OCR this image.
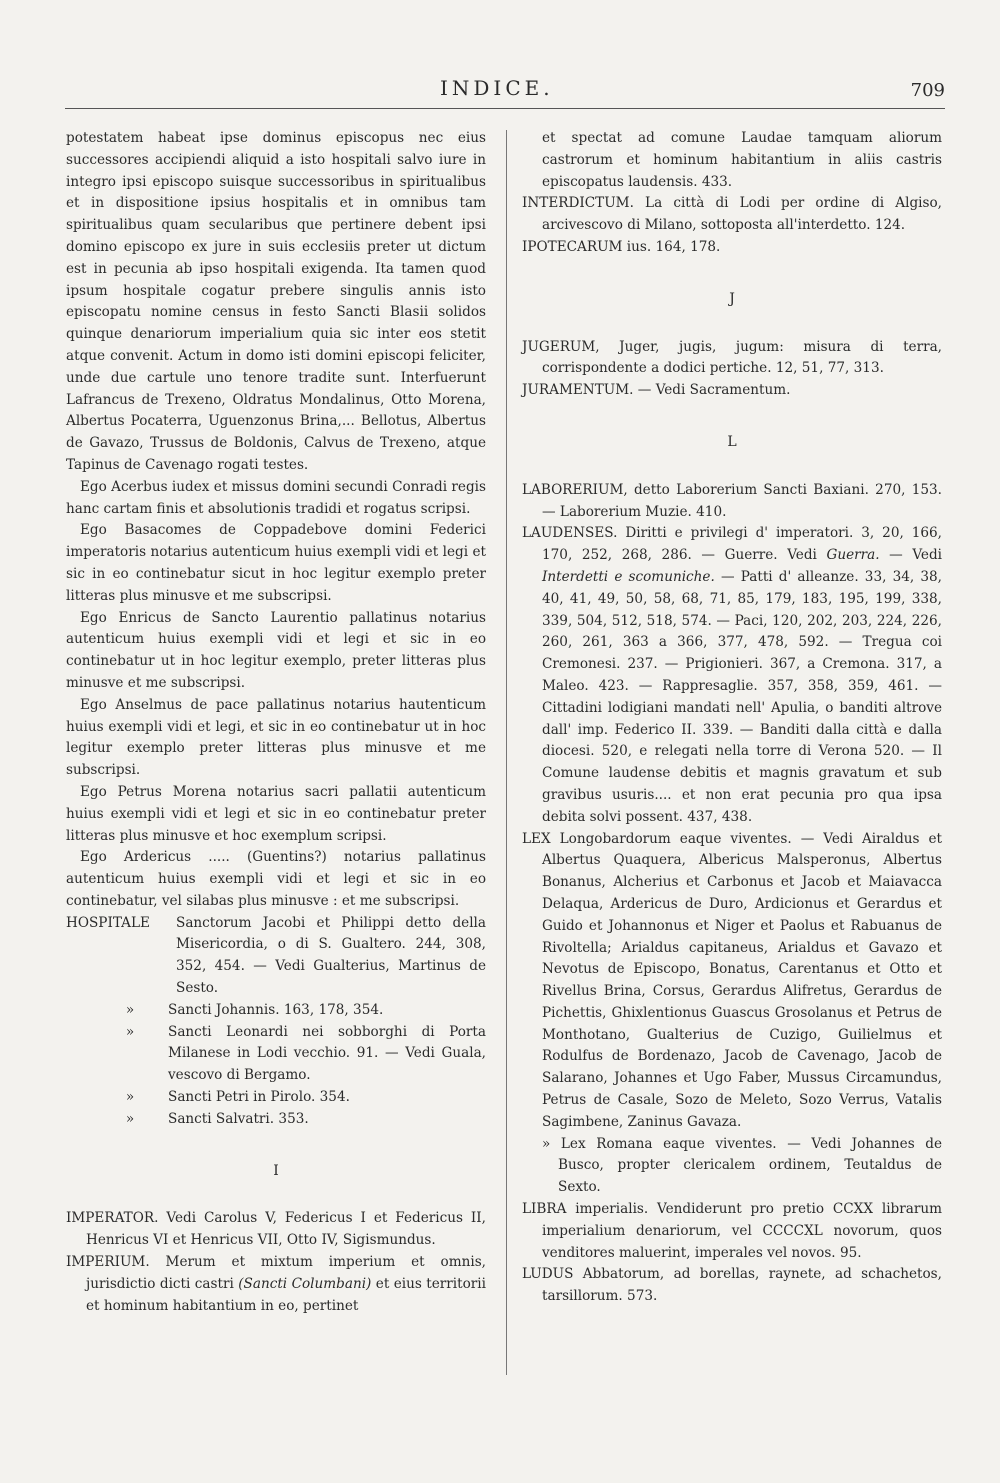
INDICE.	709

potestatem habeat ipse dominus episcopus nec eius successores accipiendi aliquid a isto hospitali salvo iure in integro ipsi episcopo suisque successoribus in spiritualibus et in dispositione ipsius hospitalis et in omnibus tam spiritualibus quam secularibus que pertinere debent ipsi domino episcopo ex jure in suis ecclesiis preter ut dictum est in pecunia ab ipso hospitali exigenda. Ita tamen quod ipsum hospitale cogatur prebere singulis annis isto episcopatu nomine census in festo Sancti Blasii solidos quinque denariorum imperialium quia sic inter eos stetit atque convenit. Actum in domo isti domini episcopi feliciter, unde due cartule uno tenore tradite sunt. Interfuerunt Lafrancus de Trexeno, Oldratus Mondalinus, Otto Morena, Albertus Pocaterra, Uguenzonus Brina,... Bellotus, Albertus de Gavazo, Trussus de Boldonis, Calvus de Trexeno, atque Tapinus de Cavenago rogati testes.

Ego Acerbus iudex et missus domini secundi Conradi regis hanc cartam finis et absolutionis tradidi et rogatus scripsi.

Ego Basacomes de Coppadebove domini Federici imperatoris notarius autenticum huius exempli vidi et legi et sic in eo continebatur sicut in hoc legitur exemplo preter litteras plus minusve et me subscripsi.

Ego Enricus de Sancto Laurentio pallatinus notarius autenticum huius exempli vidi et legi et sic in eo continebatur ut in hoc legitur exemplo, preter litteras plus minusve et me subscripsi.

Ego Anselmus de pace pallatinus notarius hautenticum huius exempli vidi et legi, et sic in eo continebatur ut in hoc legitur exemplo preter litteras plus minusve et me subscripsi.

Ego Petrus Morena notarius sacri pallatii autenticum huius exempli vidi et legi et sic in eo continebatur preter litteras plus minusve et hoc exemplum scripsi.

Ego Ardericus ..... (Guentins?) notarius pallatinus autenticum huius exempli vidi et legi et sic in eo continebatur, vel silabas plus minusve : et me subscripsi.

HOSPITALE	Sanctorum Jacobi et Philippi detto della Misericordia, o di S. Gualtero. 244, 308, 352, 454. — Vedi Gualterius, Martinus de Sesto.
»	Sancti Johannis. 163, 178, 354.
»	Sancti Leonardi nei sobborghi di Porta Milanese in Lodi vecchio. 91. — Vedi Guala, vescovo di Bergamo.
»	Sancti Petri in Pirolo. 354.
»	Sancti Salvatri. 353.
I

IMPERATOR. Vedi Carolus V, Federicus I et Federicus II, Henricus VI et Henricus VII, Otto IV, Sigismundus.

IMPERIUM. Merum et mixtum imperium et omnis, jurisdictio dicti castri (Sancti Columbani) et eius territorii et hominum habitantium in eo, pertinet

et spectat ad comune Laudae tamquam aliorum castrorum et hominum habitantium in aliis castris episcopatus laudensis. 433.

INTERDICTUM. La città di Lodi per ordine di Algiso, arcivescovo di Milano, sottoposta all'interdetto. 124.

IPOTECARUM ius. 164, 178.

J

JUGERUM, Juger, jugis, jugum: misura di terra, corrispondente a dodici pertiche. 12, 51, 77, 313.

JURAMENTUM. — Vedi Sacramentum.

L

LABORERIUM, detto Laborerium Sancti Baxiani. 270, 153. — Laborerium Muzie. 410.

LAUDENSES. Diritti e privilegi d' imperatori. 3, 20, 166, 170, 252, 268, 286. — Guerre. Vedi Guerra. — Vedi Interdetti e scomuniche. — Patti d' alleanze. 33, 34, 38, 40, 41, 49, 50, 58, 68, 71, 85, 179, 183, 195, 199, 338, 339, 504, 512, 518, 574. — Paci, 120, 202, 203, 224, 226, 260, 261, 363 a 366, 377, 478, 592. — Tregua coi Cremonesi. 237. — Prigionieri. 367, a Cremona. 317, a Maleo. 423. — Rappresaglie. 357, 358, 359, 461. — Cittadini lodigiani mandati nell' Apulia, o banditi altrove dall' imp. Federico II. 339. — Banditi dalla città e dalla diocesi. 520, e relegati nella torre di Verona 520. — Il Comune laudense debitis et magnis gravatum et sub gravibus usuris.... et non erat pecunia pro qua ipsa debita solvi possent. 437, 438.

LEX Longobardorum eaque viventes. — Vedi Airaldus et Albertus Quaquera, Albericus Malsperonus, Albertus Bonanus, Alcherius et Carbonus et Jacob et Maiavacca Delaqua, Ardericus de Duro, Ardicionus et Gerardus et Guido et Johannonus et Niger et Paolus et Rabuanus de Rivoltella; Arialdus capitaneus, Arialdus et Gavazo et Nevotus de Episcopo, Bonatus, Carentanus et Otto et Rivellus Brina, Corsus, Gerardus Alifretus, Gerardus de Pichettis, Ghixlentionus Guascus Grosolanus et Petrus de Monthotano, Gualterius de Cuzigo, Guilielmus et Rodulfus de Bordenazo, Jacob de Cavenago, Jacob de Salarano, Johannes et Ugo Faber, Mussus Circamundus, Petrus de Casale, Sozo de Meleto, Sozo Verrus, Vatalis Sagimbene, Zaninus Gavaza.

» Lex Romana eaque viventes. — Vedi Johannes de Busco, propter clericalem ordinem, Teutaldus de Sexto.

LIBRA imperialis. Vendiderunt pro pretio CCXX librarum imperialium denariorum, vel CCCCXL novorum, quos venditores maluerint, imperales vel novos. 95.

LUDUS Abbatorum, ad borellas, raynete, ad schachetos, tarsillorum. 573.
